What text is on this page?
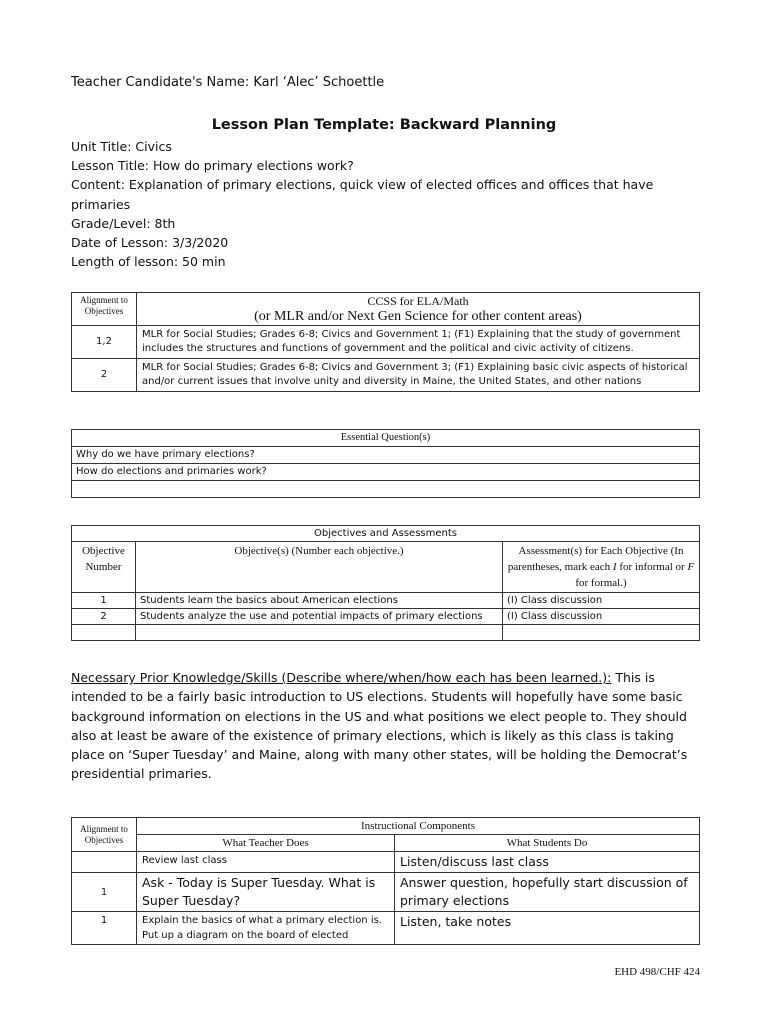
Teacher Candidate's Name: Karl ‘Alec’ Schoettle
Lesson Plan Template: Backward Planning
Unit Title: Civics
Lesson Title: How do primary elections work?
Content: Explanation of primary elections, quick view of elected offices and offices that have primaries
Grade/Level: 8th
Date of Lesson: 3/3/2020
Length of lesson: 50 min
Alignment to Objectives	CCSS for ELA/Math
(or MLR and/or Next Gen Science for other content areas)

1,2	MLR for Social Studies; Grades 6-8; Civics and Government 1; (F1) Explaining that the study of government includes the structures and functions of government and the political and civic activity of citizens.
2	MLR for Social Studies; Grades 6-8; Civics and Government 3; (F1) Explaining basic civic aspects of historical and/or current issues that involve unity and diversity in Maine, the United States, and other nations
Essential Question(s)
Why do we have primary elections?
How do elections and primaries work?

Objectives and Assessments		
Objective Number	Objective(s) (Number each objective.)	Assessment(s) for Each Objective (In parentheses, mark each I for informal or F for formal.)
1	Students learn the basics about American elections	(I) Class discussion
2	Students analyze the use and potential impacts of primary elections	(I) Class discussion

Necessary Prior Knowledge/Skills (Describe where/when/how each has been learned.): This is intended to be a fairly basic introduction to US elections. Students will hopefully have some basic background information on elections in the US and what positions we elect people to. They should also at least be aware of the existence of primary elections, which is likely as this class is taking place on ‘Super Tuesday’ and Maine, along with many other states, will be holding the Democrat’s presidential primaries.
Alignment to Objectives	Instructional Components	
	What Teacher Does	What Students Do
	Review last class	Listen/discuss last class
1	Ask - Today is Super Tuesday. What is Super Tuesday?	Answer question, hopefully start discussion of primary elections
1	Explain the basics of what a primary election is. Put up a diagram on the board of elected	Listen, take notes
EHD 498/CHF 424
